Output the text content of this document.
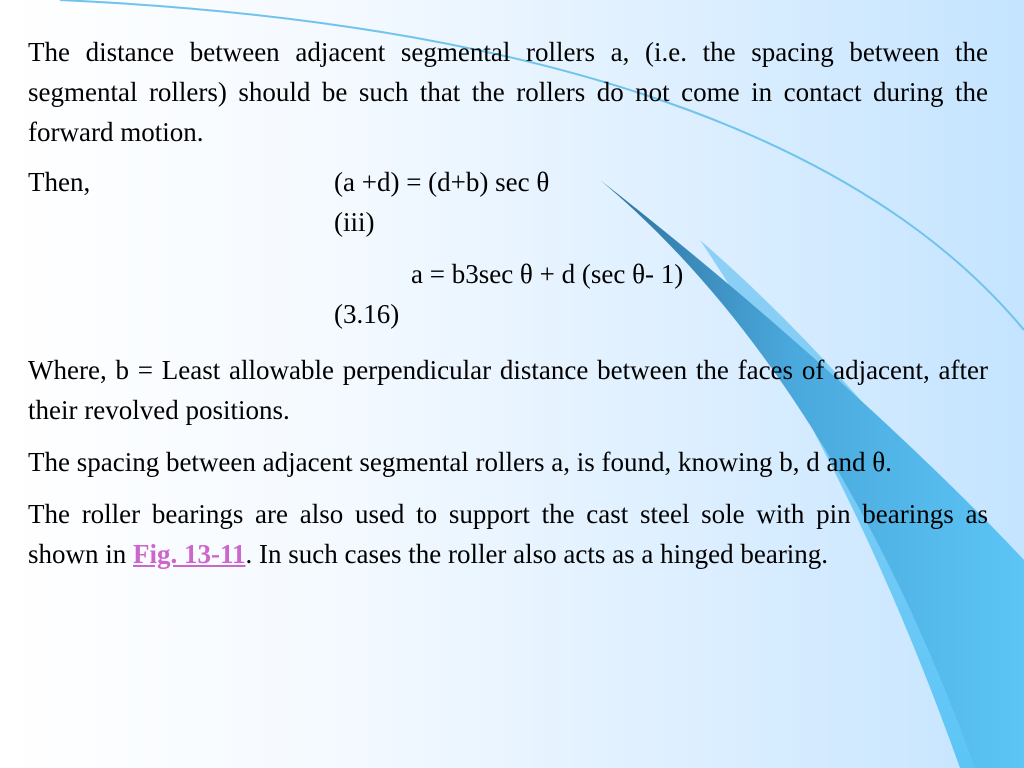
The distance between adjacent segmental rollers a, (i.e. the spacing between the segmental rollers) should be such that the rollers do not come in contact during the forward motion.

Then,	(a +d) = (d+b) sec θ
(iii)
a = b3sec θ + d (sec θ- 1)
(3.16)

Where, b = Least allowable perpendicular distance between the faces of adjacent, after their revolved positions.

The spacing between adjacent segmental rollers a, is found, knowing b, d and θ.

The roller bearings are also used to support the cast steel sole with pin bearings as shown in Fig. 13-11. In such cases the roller also acts as a hinged bearing.
